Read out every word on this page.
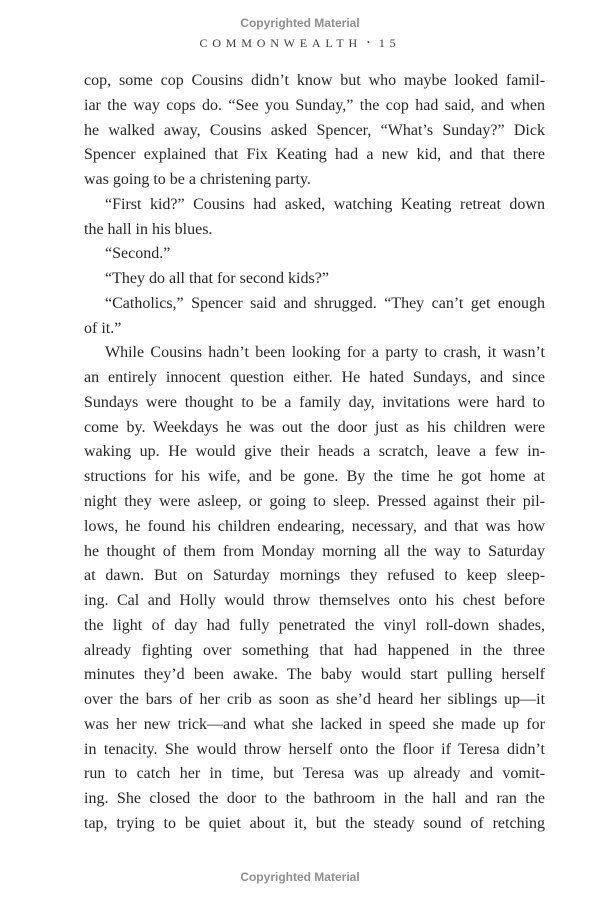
Copyrighted Material
COMMONWEALTH • 15
cop, some cop Cousins didn’t know but who maybe looked famil-
iar the way cops do. “See you Sunday,” the cop had said, and when
he walked away, Cousins asked Spencer, “What’s Sunday?” Dick
Spencer explained that Fix Keating had a new kid, and that there
was going to be a christening party.
“First kid?” Cousins had asked, watching Keating retreat down
the hall in his blues.
“Second.”
“They do all that for second kids?”
“Catholics,” Spencer said and shrugged. “They can’t get enough
of it.”
While Cousins hadn’t been looking for a party to crash, it wasn’t
an entirely innocent question either. He hated Sundays, and since
Sundays were thought to be a family day, invitations were hard to
come by. Weekdays he was out the door just as his children were
waking up. He would give their heads a scratch, leave a few in-
structions for his wife, and be gone. By the time he got home at
night they were asleep, or going to sleep. Pressed against their pil-
lows, he found his children endearing, necessary, and that was how
he thought of them from Monday morning all the way to Saturday
at dawn. But on Saturday mornings they refused to keep sleep-
ing. Cal and Holly would throw themselves onto his chest before
the light of day had fully penetrated the vinyl roll-down shades,
already fighting over something that had happened in the three
minutes they’d been awake. The baby would start pulling herself
over the bars of her crib as soon as she’d heard her siblings up—it
was her new trick—and what she lacked in speed she made up for
in tenacity. She would throw herself onto the floor if Teresa didn’t
run to catch her in time, but Teresa was up already and vomit-
ing. She closed the door to the bathroom in the hall and ran the
tap, trying to be quiet about it, but the steady sound of retching
Copyrighted Material
